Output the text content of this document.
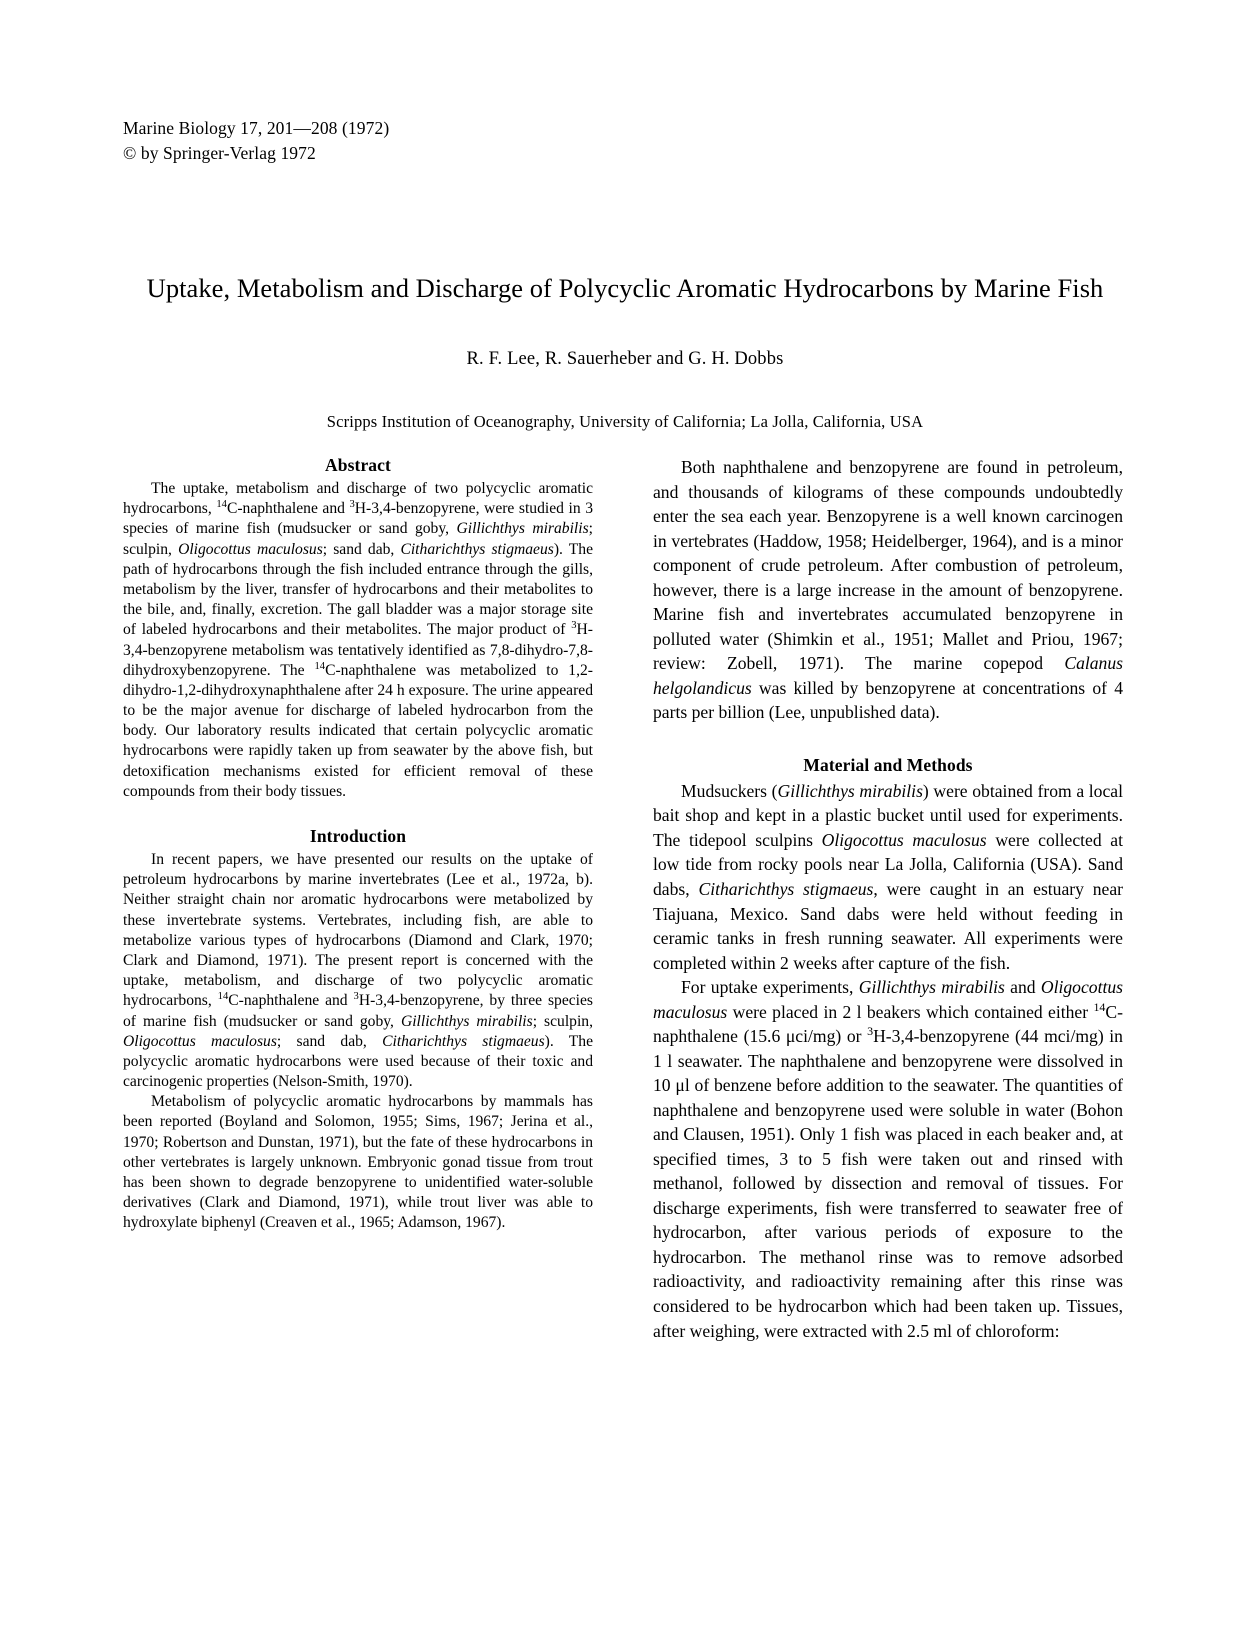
Marine Biology 17, 201—208 (1972)
© by Springer-Verlag 1972
Uptake, Metabolism and Discharge of Polycyclic Aromatic Hydrocarbons by Marine Fish
R. F. Lee, R. Sauerheber and G. H. Dobbs
Scripps Institution of Oceanography, University of California; La Jolla, California, USA
Abstract

The uptake, metabolism and discharge of two polycyclic aromatic hydrocarbons, $^{14}$C-naphthalene and $^3$H-3,4-benzopyrene, were studied in 3 species of marine fish (mudsucker or sand goby, Gillichthys mirabilis; sculpin, Oligocottus maculosus; sand dab, Citharichthys stigmaeus). The path of hydrocarbons through the fish included entrance through the gills, metabolism by the liver, transfer of hydrocarbons and their metabolites to the bile, and, finally, excretion. The gall bladder was a major storage site of labeled hydrocarbons and their metabolites. The major product of $^3$H-3,4-benzopyrene metabolism was tentatively identified as 7,8-dihydro-7,8-dihydroxybenzopyrene. The $^{14}$C-naphthalene was metabolized to 1,2-dihydro-1,2-dihydroxynaphthalene after 24 h exposure. The urine appeared to be the major avenue for discharge of labeled hydrocarbon from the body. Our laboratory results indicated that certain polycyclic aromatic hydrocarbons were rapidly taken up from seawater by the above fish, but detoxification mechanisms existed for efficient removal of these compounds from their body tissues.

Introduction

In recent papers, we have presented our results on the uptake of petroleum hydrocarbons by marine invertebrates (Lee et al., 1972a, b). Neither straight chain nor aromatic hydrocarbons were metabolized by these invertebrate systems. Vertebrates, including fish, are able to metabolize various types of hydrocarbons (Diamond and Clark, 1970; Clark and Diamond, 1971). The present report is concerned with the uptake, metabolism, and discharge of two polycyclic aromatic hydrocarbons, $^{14}$C-naphthalene and $^3$H-3,4-benzopyrene, by three species of marine fish (mudsucker or sand goby, Gillichthys mirabilis; sculpin, Oligocottus maculosus; sand dab, Citharichthys stigmaeus). The polycyclic aromatic hydrocarbons were used because of their toxic and carcinogenic properties (Nelson-Smith, 1970).

Metabolism of polycyclic aromatic hydrocarbons by mammals has been reported (Boyland and Solomon, 1955; Sims, 1967; Jerina et al., 1970; Robertson and Dunstan, 1971), but the fate of these hydrocarbons in other vertebrates is largely unknown. Embryonic gonad tissue from trout has been shown to degrade benzopyrene to unidentified water-soluble derivatives (Clark and Diamond, 1971), while trout liver was able to hydroxylate biphenyl (Creaven et al., 1965; Adamson, 1967).

Both naphthalene and benzopyrene are found in petroleum, and thousands of kilograms of these compounds undoubtedly enter the sea each year. Benzopyrene is a well known carcinogen in vertebrates (Haddow, 1958; Heidelberger, 1964), and is a minor component of crude petroleum. After combustion of petroleum, however, there is a large increase in the amount of benzopyrene. Marine fish and invertebrates accumulated benzopyrene in polluted water (Shimkin et al., 1951; Mallet and Priou, 1967; review: Zobell, 1971). The marine copepod Calanus helgolandicus was killed by benzopyrene at concentrations of 4 parts per billion (Lee, unpublished data).

Material and Methods

Mudsuckers (Gillichthys mirabilis) were obtained from a local bait shop and kept in a plastic bucket until used for experiments. The tidepool sculpins Oligocottus maculosus were collected at low tide from rocky pools near La Jolla, California (USA). Sand dabs, Citharichthys stigmaeus, were caught in an estuary near Tiajuana, Mexico. Sand dabs were held without feeding in ceramic tanks in fresh running seawater. All experiments were completed within 2 weeks after capture of the fish.

For uptake experiments, Gillichthys mirabilis and Oligocottus maculosus were placed in 2 l beakers which contained either $^{14}$C-naphthalene (15.6 μci/mg) or $^3$H-3,4-benzopyrene (44 mci/mg) in 1 l seawater. The naphthalene and benzopyrene were dissolved in 10 μl of benzene before addition to the seawater. The quantities of naphthalene and benzopyrene used were soluble in water (Bohon and Clausen, 1951). Only 1 fish was placed in each beaker and, at specified times, 3 to 5 fish were taken out and rinsed with methanol, followed by dissection and removal of tissues. For discharge experiments, fish were transferred to seawater free of hydrocarbon, after various periods of exposure to the hydrocarbon. The methanol rinse was to remove adsorbed radioactivity, and radioactivity remaining after this rinse was considered to be hydrocarbon which had been taken up. Tissues, after weighing, were extracted with 2.5 ml of chloroform:
